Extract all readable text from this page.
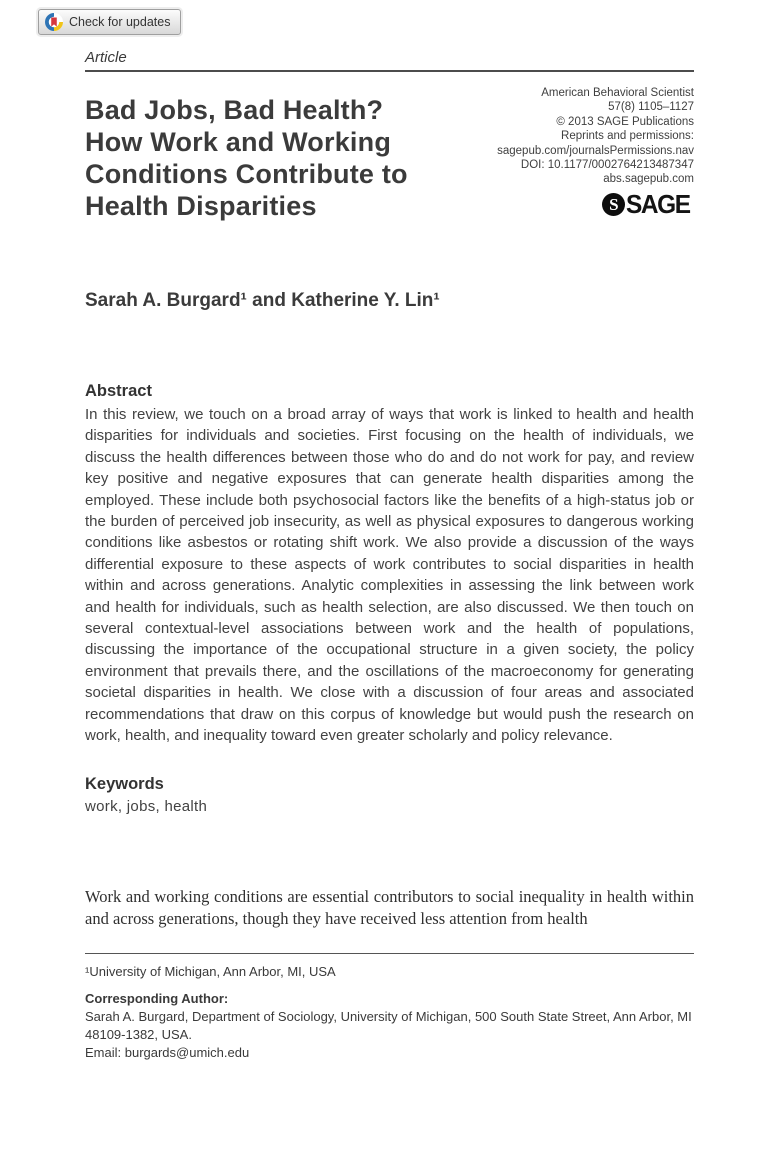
Check for updates
Article
Bad Jobs, Bad Health?
How Work and Working
Conditions Contribute to
Health Disparities
American Behavioral Scientist
57(8) 1105–1127
© 2013 SAGE Publications
Reprints and permissions:
sagepub.com/journalsPermissions.nav
DOI: 10.1177/0002764213487347
abs.sagepub.com
S SAGE
Sarah A. Burgard¹ and Katherine Y. Lin¹
Abstract

In this review, we touch on a broad array of ways that work is linked to health and health disparities for individuals and societies. First focusing on the health of individuals, we discuss the health differences between those who do and do not work for pay, and review key positive and negative exposures that can generate health disparities among the employed. These include both psychosocial factors like the benefits of a high-status job or the burden of perceived job insecurity, as well as physical exposures to dangerous working conditions like asbestos or rotating shift work. We also provide a discussion of the ways differential exposure to these aspects of work contributes to social disparities in health within and across generations. Analytic complexities in assessing the link between work and health for individuals, such as health selection, are also discussed. We then touch on several contextual-level associations between work and the health of populations, discussing the importance of the occupational structure in a given society, the policy environment that prevails there, and the oscillations of the macroeconomy for generating societal disparities in health. We close with a discussion of four areas and associated recommendations that draw on this corpus of knowledge but would push the research on work, health, and inequality toward even greater scholarly and policy relevance.

Keywords

work, jobs, health

Work and working conditions are essential contributors to social inequality in health within and across generations, though they have received less attention from health

¹University of Michigan, Ann Arbor, MI, USA

Corresponding Author:

Sarah A. Burgard, Department of Sociology, University of Michigan, 500 South State Street, Ann Arbor, MI 48109-1382, USA.

Email: burgards@umich.edu
